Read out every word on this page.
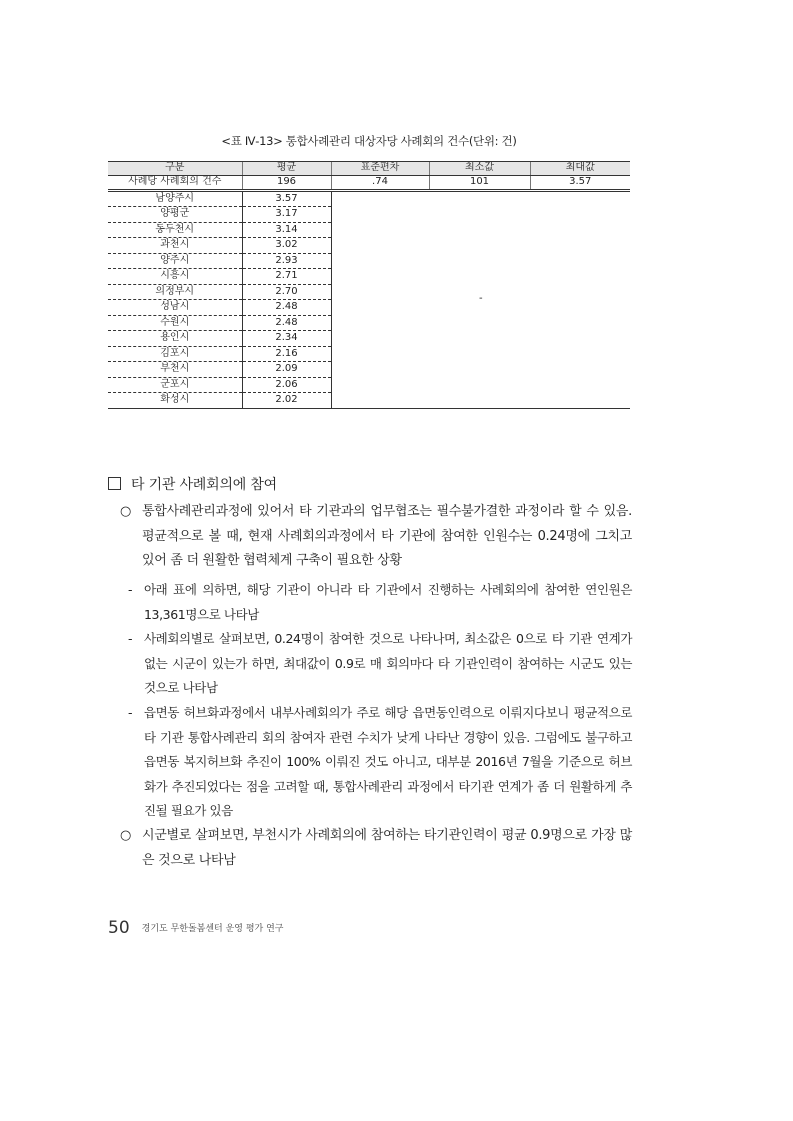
<표 Ⅳ-13> 통합사례관리 대상자당 사례회의 건수(단위: 건)
구분	평균	표준편차	최소값	최대값
사례당 사례회의 건수	196	.74	101	3.57
남양주시	3.57	-		
양평군	3.17			
동두천시	3.14			
과천시	3.02			
양주시	2.93			
시흥시	2.71			
의정부시	2.70			
성남시	2.48			
수원시	2.48			
용인시	2.34			
김포시	2.16			
부천시	2.09			
군포시	2.06			
화성시	2.02			
타 기관 사례회의에 참여
○ 통합사례관리과정에 있어서 타 기관과의 업무협조는 필수불가결한 과정이라 할 수 있음. 평균적으로 볼 때, 현재 사례회의과정에서 타 기관에 참여한 인원수는 0.24명에 그치고 있어 좀 더 원활한 협력체계 구축이 필요한 상황
- 아래 표에 의하면, 해당 기관이 아니라 타 기관에서 진행하는 사례회의에 참여한 연인원은 13,361명으로 나타남
- 사례회의별로 살펴보면, 0.24명이 참여한 것으로 나타나며, 최소값은 0으로 타 기관 연계가 없는 시군이 있는가 하면, 최대값이 0.9로 매 회의마다 타 기관인력이 참여하는 시군도 있는 것으로 나타남
- 읍면동 허브화과정에서 내부사례회의가 주로 해당 읍면동인력으로 이뤄지다보니 평균적으로 타 기관 통합사례관리 회의 참여자 관련 수치가 낮게 나타난 경향이 있음. 그럼에도 불구하고 읍면동 복지허브화 추진이 100% 이뤄진 것도 아니고, 대부분 2016년 7월을 기준으로 허브화가 추진되었다는 점을 고려할 때, 통합사례관리 과정에서 타기관 연계가 좀 더 원활하게 추진될 필요가 있음
○ 시군별로 살펴보면, 부천시가 사례회의에 참여하는 타기관인력이 평균 0.9명으로 가장 많은 것으로 나타남
50 경기도 무한돌봄센터 운영 평가 연구
